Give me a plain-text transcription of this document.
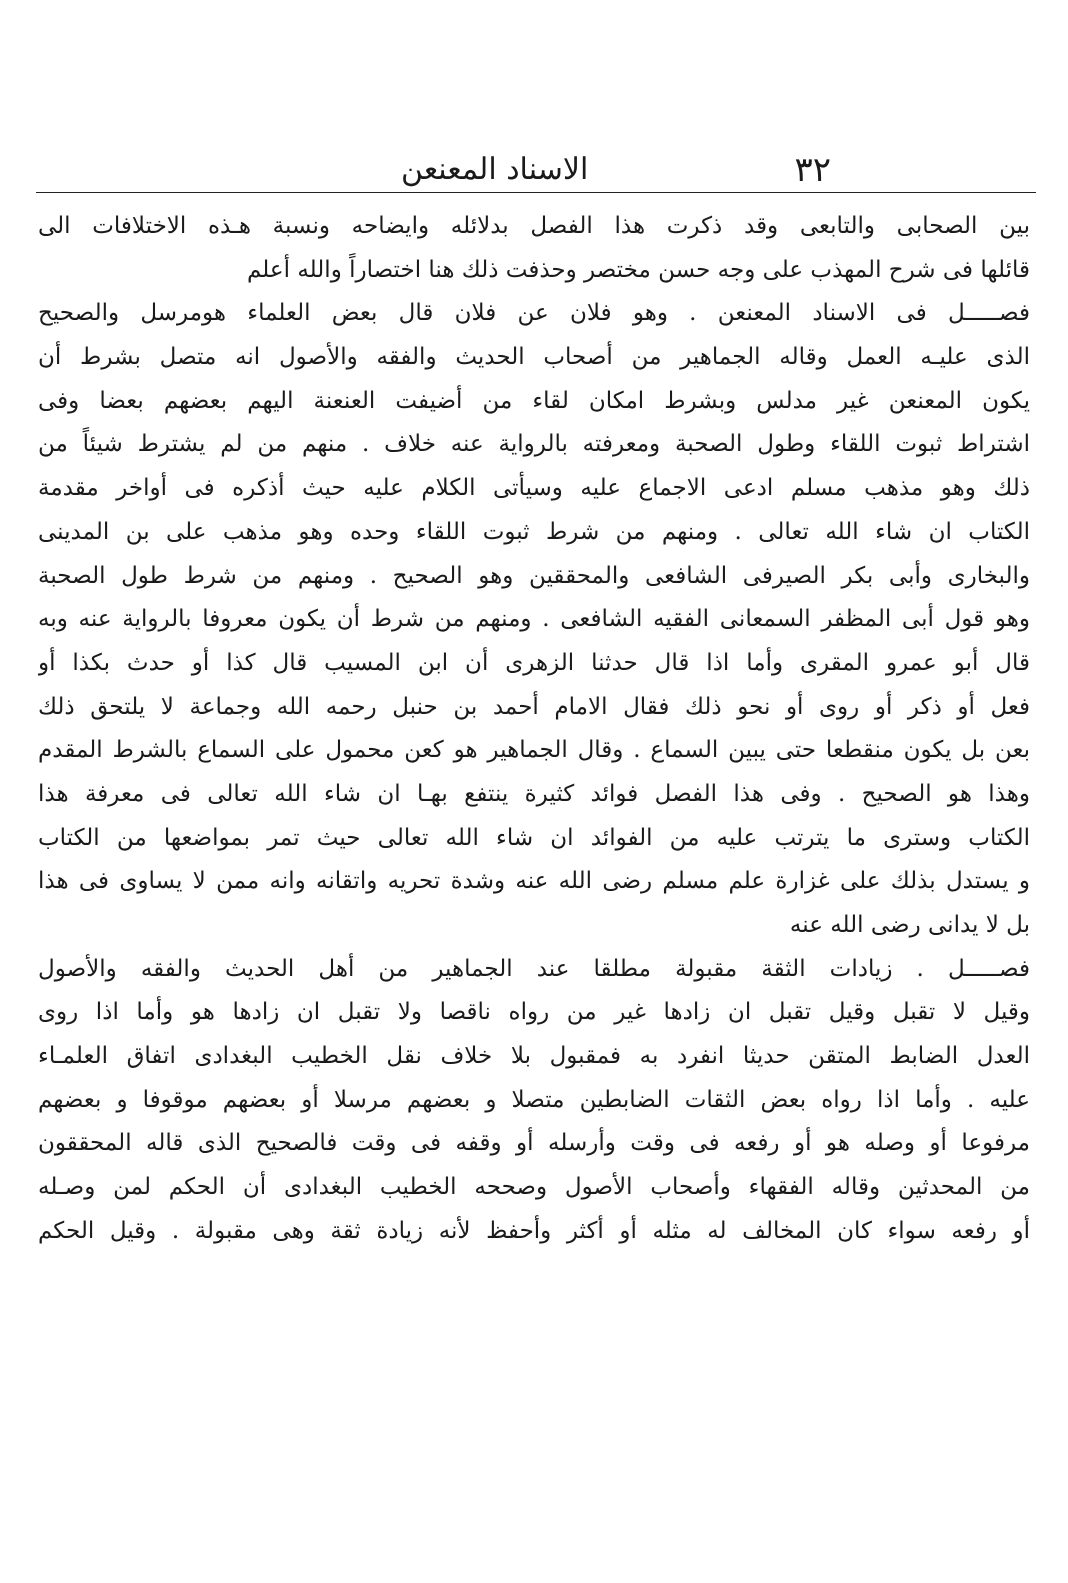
٣٢
الاسناد المعنعن
بين الصحابى والتابعى وقد ذكرت هذا الفصل بدلائله وايضاحه ونسبة هـذه الاختلافات الى
قائلها فى شرح المهذب على وجه حسن مختصر وحذفت ذلك هنا اختصاراً والله أعلم
فصـــــل فى الاسناد المعنعن . وهو فلان عن فلان قال بعض العلماء هومرسل والصحيح
الذى عليـه العمل وقاله الجماهير من أصحاب الحديث والفقه والأصول انه متصل بشرط أن
يكون المعنعن غير مدلس وبشرط امكان لقاء من أضيفت العنعنة اليهم بعضهم بعضا وفى
اشتراط ثبوت اللقاء وطول الصحبة ومعرفته بالرواية عنه خلاف . منهم من لم يشترط شيئاً من
ذلك وهو مذهب مسلم ادعى الاجماع عليه وسيأتى الكلام عليه حيث أذكره فى أواخر مقدمة
الكتاب ان شاء الله تعالى . ومنهم من شرط ثبوت اللقاء وحده وهو مذهب على بن المدينى
والبخارى وأبى بكر الصيرفى الشافعى والمحققين وهو الصحيح . ومنهم من شرط طول الصحبة
وهو قول أبى المظفر السمعانى الفقيه الشافعى . ومنهم من شرط أن يكون معروفا بالرواية عنه وبه
قال أبو عمرو المقرى وأما اذا قال حدثنا الزهرى أن ابن المسيب قال كذا أو حدث بكذا أو
فعل أو ذكر أو روى أو نحو ذلك فقال الامام أحمد بن حنبل رحمه الله وجماعة لا يلتحق ذلك
بعن بل يكون منقطعا حتى يبين السماع . وقال الجماهير هو كعن محمول على السماع بالشرط المقدم
وهذا هو الصحيح . وفى هذا الفصل فوائد كثيرة ينتفع بهـا ان شاء الله تعالى فى معرفة هذا
الكتاب وسترى ما يترتب عليه من الفوائد ان شاء الله تعالى حيث تمر بمواضعها من الكتاب
و يستدل بذلك على غزارة علم مسلم رضى الله عنه وشدة تحريه واتقانه وانه ممن لا يساوى فى هذا
بل لا يدانى رضى الله عنه
فصـــــل . زيادات الثقة مقبولة مطلقا عند الجماهير من أهل الحديث والفقه والأصول
وقيل لا تقبل وقيل تقبل ان زادها غير من رواه ناقصا ولا تقبل ان زادها هو وأما اذا روى
العدل الضابط المتقن حديثا انفرد به فمقبول بلا خلاف نقل الخطيب البغدادى اتفاق العلمـاء
عليه . وأما اذا رواه بعض الثقات الضابطين متصلا و بعضهم مرسلا أو بعضهم موقوفا و بعضهم
مرفوعا أو وصله هو أو رفعه فى وقت وأرسله أو وقفه فى وقت فالصحيح الذى قاله المحققون
من المحدثين وقاله الفقهاء وأصحاب الأصول وصححه الخطيب البغدادى أن الحكم لمن وصـله
أو رفعه سواء كان المخالف له مثله أو أكثر وأحفظ لأنه زيادة ثقة وهى مقبولة . وقيل الحكم
